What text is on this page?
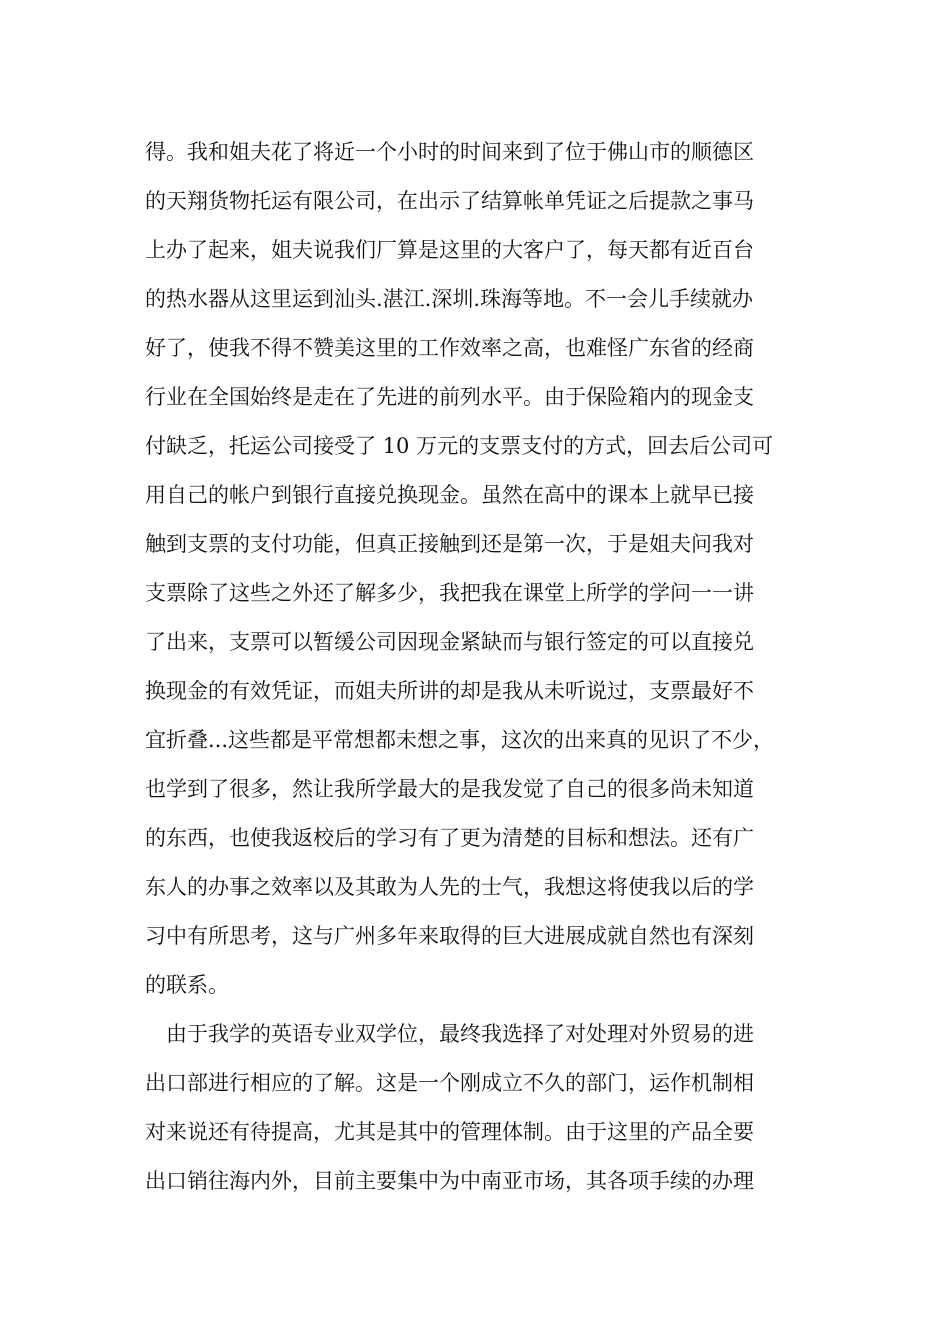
得。我和姐夫花了将近一个小时的时间来到了位于佛山市的顺德区
的天翔货物托运有限公司，在出示了结算帐单凭证之后提款之事马
上办了起来，姐夫说我们厂算是这里的大客户了，每天都有近百台
的热水器从这里运到汕头.湛江.深圳.珠海等地。不一会儿手续就办
好了，使我不得不赞美这里的工作效率之高，也难怪广东省的经商
行业在全国始终是走在了先进的前列水平。由于保险箱内的现金支
付缺乏，托运公司接受了 10 万元的支票支付的方式，回去后公司可
用自己的帐户到银行直接兑换现金。虽然在高中的课本上就早已接
触到支票的支付功能，但真正接触到还是第一次，于是姐夫问我对
支票除了这些之外还了解多少，我把我在课堂上所学的学问一一讲
了出来，支票可以暂缓公司因现金紧缺而与银行签定的可以直接兑
换现金的有效凭证，而姐夫所讲的却是我从未听说过，支票最好不
宜折叠...这些都是平常想都未想之事，这次的出来真的见识了不少，
也学到了很多，然让我所学最大的是我发觉了自己的很多尚未知道
的东西，也使我返校后的学习有了更为清楚的目标和想法。还有广
东人的办事之效率以及其敢为人先的士气，我想这将使我以后的学
习中有所思考，这与广州多年来取得的巨大进展成就自然也有深刻
的联系。
由于我学的英语专业双学位，最终我选择了对处理对外贸易的进
出口部进行相应的了解。这是一个刚成立不久的部门，运作机制相
对来说还有待提高，尤其是其中的管理体制。由于这里的产品全要
出口销往海内外，目前主要集中为中南亚市场，其各项手续的办理
